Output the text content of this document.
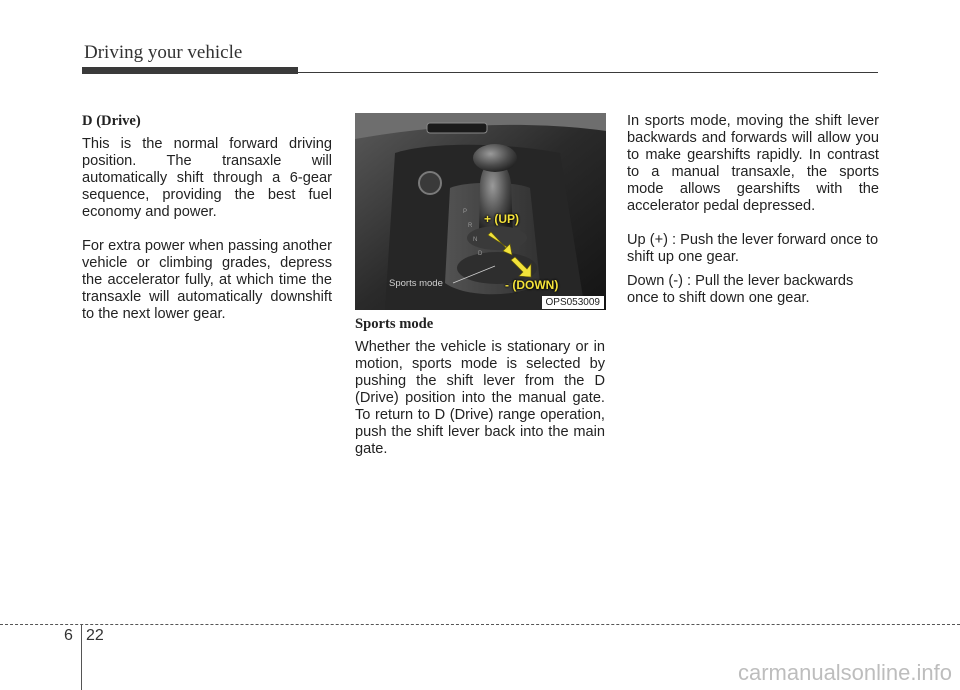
Driving your vehicle
D (Drive)

This is the normal forward driving position. The transaxle will automatically shift through a 6-gear sequence, providing the best fuel economy and power.

For extra power when passing another vehicle or climbing grades, depress the accelerator fully, at which time the transaxle will automatically downshift to the next lower gear.

P
R
N
D
Sports mode
OPS053009
+ (UP)
- (DOWN)
Sports mode

Whether the vehicle is stationary or in motion, sports mode is selected by pushing the shift lever from the D (Drive) position into the manual gate. To return to D (Drive) range operation, push the shift lever back into the main gate.

In sports mode, moving the shift lever backwards and forwards will allow you to make gearshifts rapidly. In contrast to a manual transaxle, the sports mode allows gearshifts with the accelerator pedal depressed.

Up (+) : Push the lever forward once to shift up one gear.
Down (-) : Pull the lever backwards once to shift down one gear.
6 22
carmanualsonline.info
